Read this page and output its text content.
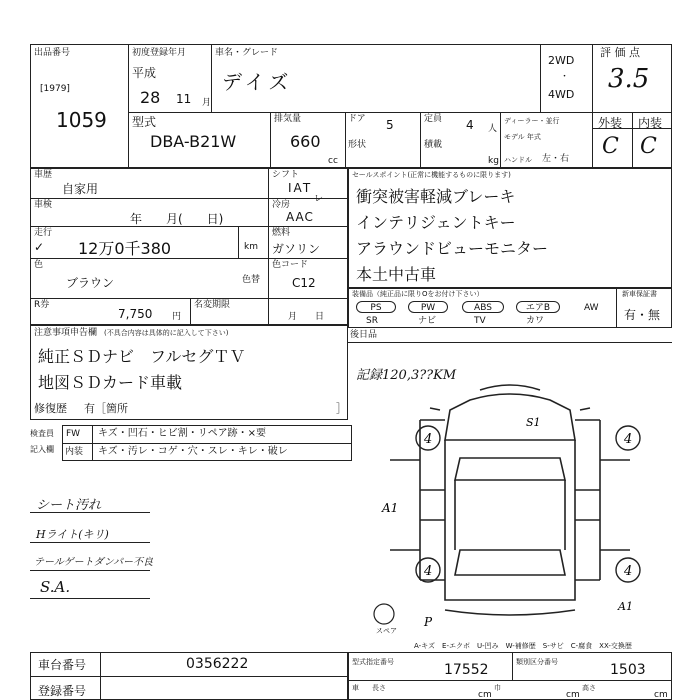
出品番号
[1979]
1059
初度登録年月
平成
28 11 月
車名・グレード
デイズ
2WD
・
4WD
評 価 点
3.5
型式
DBA-B21W
排気量
660
cc
ドア 5
形状
定員 4 人
積載
kg
ディーラー・並行
モデル 年式
ハンドル 左・右
外装 内装
C C
車歴
自家用
車検
年　　月(　　日)
走行
✓ 12万0千380	km
色
ブラウン	色替
シフト
IAT
レ
冷房
AAC
燃料
ガソリン
色コード
C12
R券
7,750 円
名変期限
月　　日
セールスポイント(正常に機能するものに限ります)
衝突被害軽減ブレーキ
インテリジェントキー
アラウンドビューモニター
本土中古車
装備品（純正品に限りOをお付け下さい）	新車保証書
有・無
PS	PW	ABS	エアB	AW
SR	ナビ	TV	カワ
後日品
注意事項申告欄 (不具合内容は具体的に記入して下さい)
純正ＳＤナビ　フルセグＴＶ
地図ＳＤカード車載
修復歴 有［箇所	］
検査員
記入欄
FW キズ・凹石・ヒビ割・リペア跡・×要
内装 キズ・汚レ・コゲ・穴・スレ・キレ・破レ
シート汚れ
Hライト(キリ)
テールゲートダンパー不良
S.A.
記録120,3??KM
4	4
4	4
A1
S1
A1
P
スペア
A-キズ　E-エクボ　U-凹み　W-補修歴　S-サビ　C-腐食　XX-交換歴
車台番号	0356222
登録番号
型式指定番号	17552	類別区分番号	1503
車 長さ
cm
巾
cm
高さ
cm
